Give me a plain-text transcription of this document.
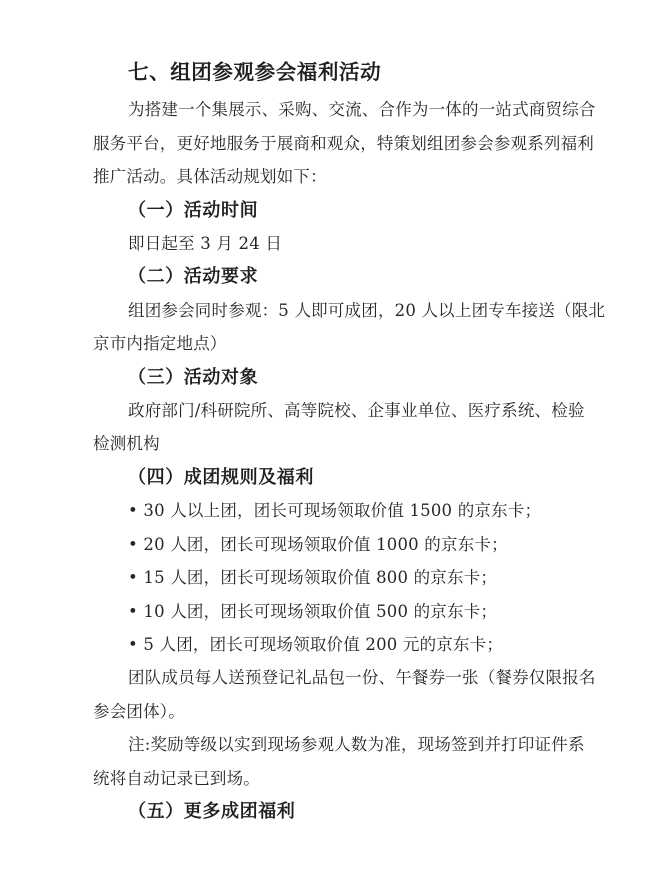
七、组团参观参会福利活动
为搭建一个集展示、采购、交流、合作为一体的一站式商贸综合
服务平台，更好地服务于展商和观众，特策划组团参会参观系列福利
推广活动。具体活动规划如下：
（一）活动时间
即日起至 3 月 24 日
（二）活动要求
组团参会同时参观：5 人即可成团，20 人以上团专车接送（限北
京市内指定地点）
（三）活动对象
政府部门/科研院所、高等院校、企事业单位、医疗系统、检验
检测机构
（四）成团规则及福利
• 30 人以上团，团长可现场领取价值 1500 的京东卡；
• 20 人团，团长可现场领取价值 1000 的京东卡；
• 15 人团，团长可现场领取价值 800 的京东卡；
• 10 人团，团长可现场领取价值 500 的京东卡；
• 5 人团，团长可现场领取价值 200 元的京东卡；
团队成员每人送预登记礼品包一份、午餐券一张（餐券仅限报名
参会团体）。
注:奖励等级以实到现场参观人数为准，现场签到并打印证件系
统将自动记录已到场。
（五）更多成团福利
